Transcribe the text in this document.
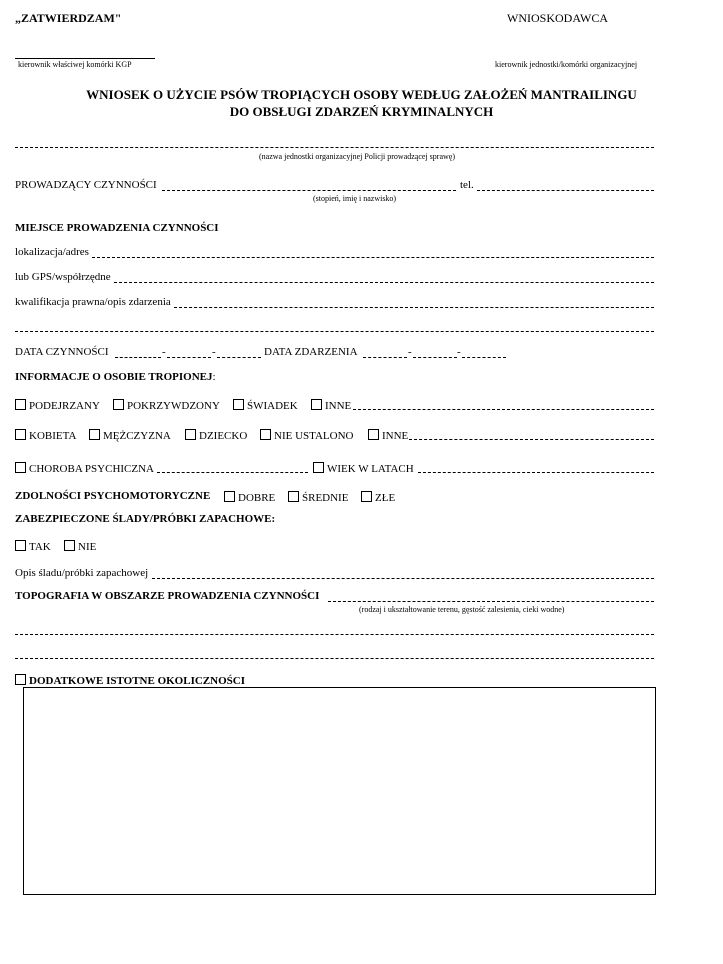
„ZATWIERDZAM"	WNIOSKODAWCA
kierownik właściwej komórki KGP	kierownik jednostki/komórki organizacyjnej
WNIOSEK O UŻYCIE PSÓW TROPIĄCYCH OSOBY WEDŁUG ZAŁOŻEŃ MANTRAILINGU
DO OBSŁUGI ZDARZEŃ KRYMINALNYCH
(nazwa jednostki organizacyjnej Policji prowadzącej sprawę)
PROWADZĄCY CZYNNOŚCI	tel.
(stopień, imię i nazwisko)
MIEJSCE PROWADZENIA CZYNNOŚCI
lokalizacja/adres
lub GPS/współrzędne
kwalifikacja prawna/opis zdarzenia
DATA CZYNNOŚCI	-	-	DATA ZDARZENIA	-	-
INFORMACJE O OSOBIE TROPIONEJ:
PODEJRZANY POKRZYWDZONY ŚWIADEK INNE
KOBIETA MĘŻCZYZNA	DZIECKO NIE USTALONO	INNE
CHOROBA PSYCHICZNA	WIEK W LATACH
ZDOLNOŚCI PSYCHOMOTORYCZNE	DOBRE ŚREDNIE ZŁE
ZABEZPIECZONE ŚLADY/PRÓBKI ZAPACHOWE:
TAK NIE
Opis śladu/próbki zapachowej
TOPOGRAFIA W OBSZARZE PROWADZENIA CZYNNOŚCI
(rodzaj i ukształtowanie terenu, gęstość zalesienia, cieki wodne)
DODATKOWE ISTOTNE OKOLICZNOŚCI
